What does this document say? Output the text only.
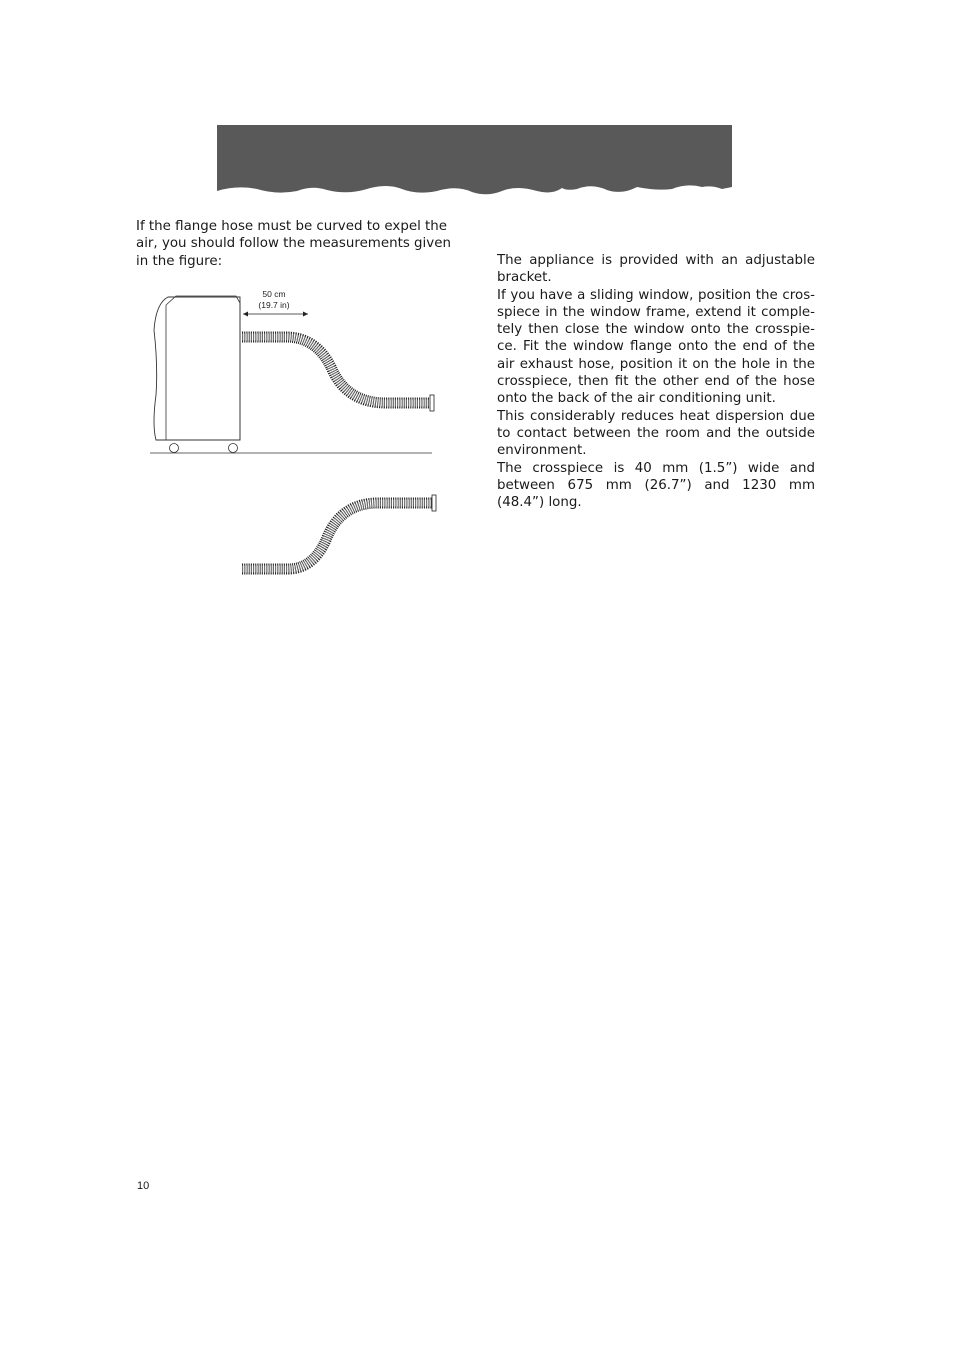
If the flange hose must be curved to expel the air, you should follow the measurements given in the figure:

50 cm
(19.7 in)

The appliance is provided with an adjustable bracket.

If you have a sliding window, position the cros-spiece in the window frame, extend it comple-tely then close the window onto the crosspie-ce. Fit the window flange onto the end of the air exhaust hose, position it on the hole in the crosspiece, then fit the other end of the hose onto the back of the air conditioning unit.

This considerably reduces heat dispersion due to contact between the room and the outside environment.

The crosspiece is 40 mm (1.5”) wide and between 675 mm (26.7”) and 1230 mm (48.4”) long.

10
